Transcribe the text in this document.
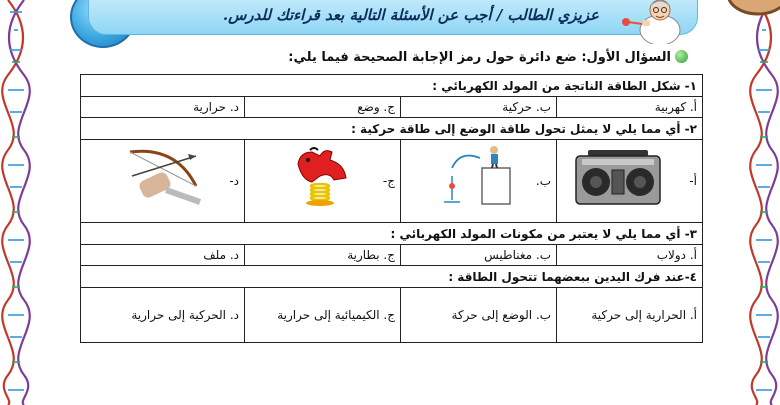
عزيزي الطالب / أجب عن الأسئلة التالية بعد قراءتك للدرس.
السؤال الأول: ضع دائرة حول رمز الإجابة الصحيحة فيما يلي:
١- شكل الطاقة الناتجة من المولد الكهربائي :			
أ. كهربية	ب. حركية	ج. وضع	د. حرارية
٢- أي مما يلي لا يمثل تحول طاقة الوضع إلى طاقة حركية :			

أ-	ب.	ج-	د-
٣- أي مما يلي لا يعتبر من مكونات المولد الكهربائي :			
أ. دولاب	ب. مغناطيس	ج. بطارية	د. ملف
٤-عند فرك اليدين ببعضهما تتحول الطاقة :			
أ. الحرارية إلى حركية	ب. الوضع إلى حركة	ج. الكيميائية إلى حرارية	د. الحركية إلى حرارية
